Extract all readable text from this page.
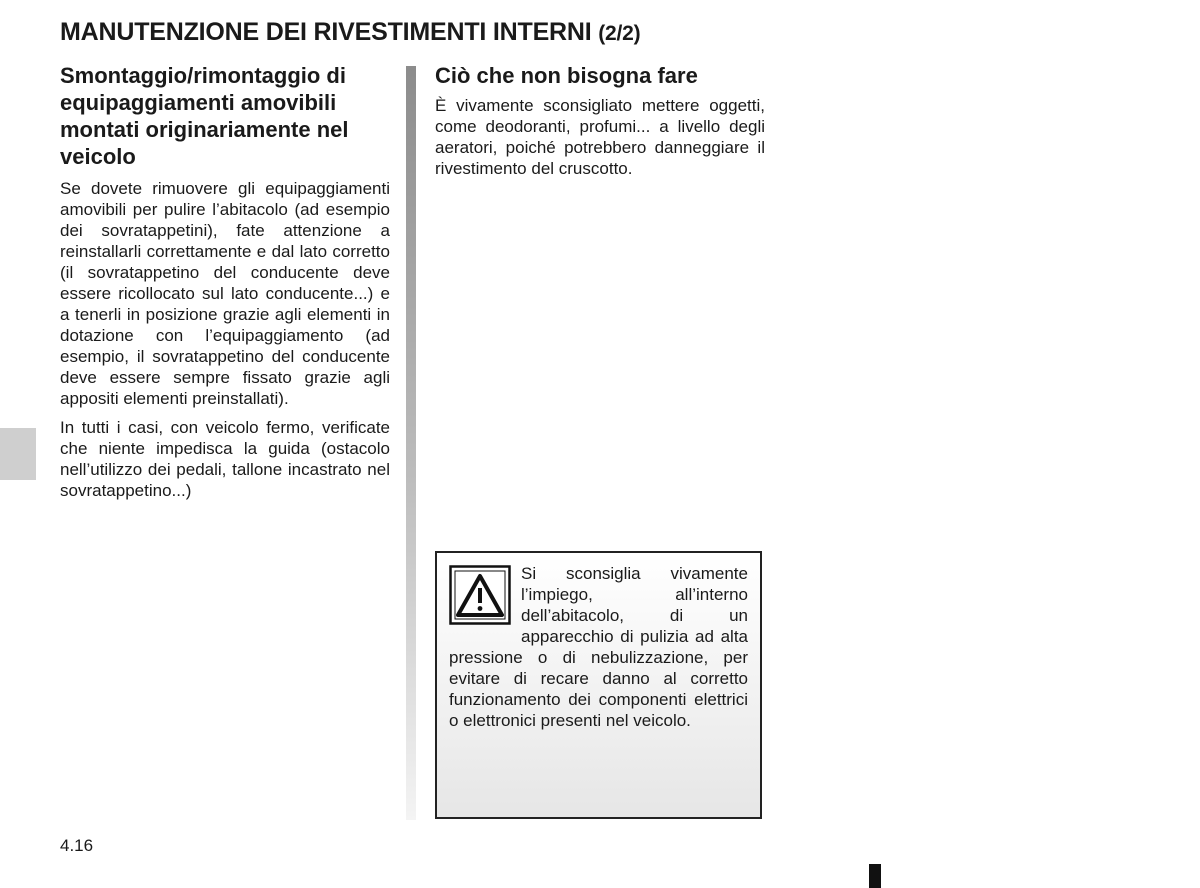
MANUTENZIONE DEI RIVESTIMENTI INTERNI (2/2)
Smontaggio/rimontaggio di equipaggiamenti amovibili montati originariamente nel veicolo

Se dovete rimuovere gli equipaggiamenti amovibili per pulire l’abitacolo (ad esempio dei sovratappetini), fate attenzione a reinstallarli correttamente e dal lato corretto (il sovratappetino del conducente deve essere ricollocato sul lato conducente...) e a tenerli in posizione grazie agli elementi in dotazione con l’equipaggiamento (ad esempio, il sovratappetino del conducente deve essere sempre fissato grazie agli appositi elementi preinstallati).

In tutti i casi, con veicolo fermo, verificate che niente impedisca la guida (ostacolo nell’utilizzo dei pedali, tallone incastrato nel sovratappetino...)

Ciò che non bisogna fare

È vivamente sconsigliato mettere oggetti, come deodoranti, profumi... a livello degli aeratori, poiché potrebbero danneggiare il rivestimento del cruscotto.

Si sconsiglia vivamente l’impiego, all’interno dell’abitacolo, di un apparecchio di pulizia ad alta pressione o di nebulizzazione, per evitare di recare danno al corretto funzionamento dei componenti elettrici o elettronici presenti nel veicolo.

4.16
